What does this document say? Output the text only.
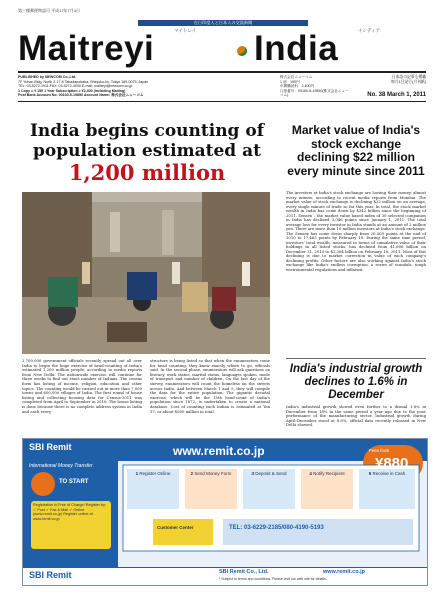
第三種郵便物認可 平成17年7月4日
在日印度人と日本人の交流新聞
Maitreyi	マイトレイ India	インディア
PUBLISHED by NEWCOM Co.,Ltd.
7F Yuhan Bldg, North 2-17-8 Takadanobaba, Shinjuku-ku, Tokyo 169-0075, Japan
TEL: 03-5272-1911 FAX: 03-5272-4040 E-mail: maitreyi@newcom.co.jp
1 Copy = ¥ 190 1 Year Subscription = ¥2,400 (Including Mailing)
Post Bank Account No. 00160-5-19850 Account Name: 株式会社ニューコム
株式会社ニューコム
1 部：190円
年間購読料：2,400円
口座番号：00160-5-19850(株式会社ニューコム)
日本語の記事も掲載
毎月1日発行(月刊紙)
No. 38 March 1, 2011
India begins counting of population estimated at
1,200 million
2,700,000 government officials recently spread out all over India to begin the huge exercise of head-counting of India's estimated 1,200 million people, according to media reports from New Delhi. The nationwide exercise will continue for three weeks to find out exact number of Indians. The census form has listing of income, religion, education and other topics. The counting would be carried out in more than 7,000 towns and 600,000 villages of India. The first round of house listing and collecting housing data for Census-2011 was completed from April to September in 2010. The house listing is done because there is no complete address system in India and each every
structure is being listed so that when the enumerators come for head counting, they know exactly where to go, officials said. In the second phase, enumerators will ask questions on literacy, work status, marital status, languages spoken, mode of transport and number of children. On the last day of the survey, enumerators will count the homeless on the streets across India. And between March 1 and 5, they will compile the data for the entire population. The gigantic decadal exercise, which will be the 15th head-count of India's population since 1872, is undertaken to create a national database. Cost of counting each Indian is estimated at Yen 37, or about $500 million in total.
Market value of India's stock exchange declining $22 million every minute since 2011
The investors at India's stock exchange are loosing their money, almost every minute, according to recent media reports from Mumbai. The market value of stock exchange is declining $22 million on an average, every single minute of trade so far this year. In total, the stock market wealth in India has come down by $342 billion since the beginning of 2011. Sensex – the market value based index of 30 selected companies in India has declined 3,046 points since January 1, 2011. The total average loss for every investor in India stands at an amount of 2 million yen. There are more than 10 million investors at India's stock exchange. The Sensex has come down sharply from 20,509 points at the end of 2010 to 17,463 points by February 10. During the same time period, investors' total wealth, measured in terms of cumulative value of their holdings in all listed stocks, has declined from $1,606 billion on December 31, 2010 to $1,364 billion on February 10, 2011. Most of this declining is due to market correction in value of each company's declining profits. Other factors are also working against India's stock exchange like India's endless corruption, a series of scandals, tough environmental regulations and inflation.
India's industrial growth declines to 1.6% in December
India's industrial growth slowed even further to a dismal 1.6% in December from 18% in the same period a year ago due to the poor performance of the manufacturing sector. Industrial growth during April-December stood at 8.6%, official data recently released in New Delhi showed.
SBI Remit
International Money Transfer
www.remit.co.jp	Fees from
¥880
TO START
Registration is Free of Charge! Register by: ✓ Post ✓ Fax & Mail ✓ Online (www.remit.co.jp) Register online at www.remit.co.jp
1 Register Online	2 Send Money Form	3 Deposit & Send	4 Notify Recipient	5 Receive in Cash
Customer Center	TEL: 03-6229-2185/080-4190-5193
SBI Remit	SBI Remit Co., Ltd.	www.remit.co.jp
* Subject to terms and conditions. Please visit our web site for details.
